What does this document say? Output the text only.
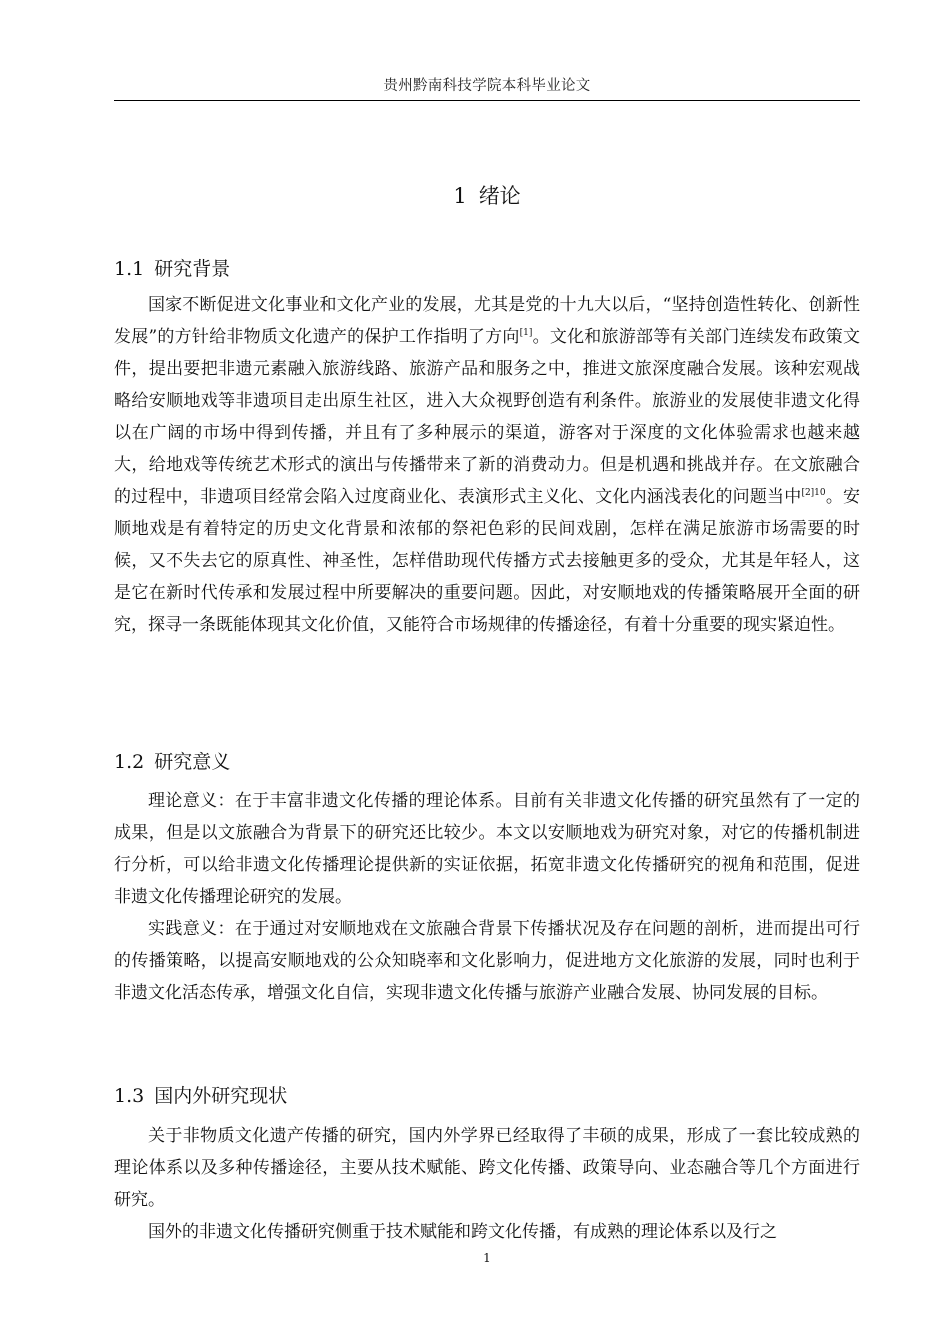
贵州黔南科技学院本科毕业论文
1 绪论
1.1 研究背景

国家不断促进文化事业和文化产业的发展，尤其是党的十九大以后，“坚持创造性转化、创新性发展”的方针给非物质文化遗产的保护工作指明了方向[1]。文化和旅游部等有关部门连续发布政策文件，提出要把非遗元素融入旅游线路、旅游产品和服务之中，推进文旅深度融合发展。该种宏观战略给安顺地戏等非遗项目走出原生社区，进入大众视野创造有利条件。旅游业的发展使非遗文化得以在广阔的市场中得到传播，并且有了多种展示的渠道，游客对于深度的文化体验需求也越来越大，给地戏等传统艺术形式的演出与传播带来了新的消费动力。但是机遇和挑战并存。在文旅融合的过程中，非遗项目经常会陷入过度商业化、表演形式主义化、文化内涵浅表化的问题当中$^{[2]10}$。安顺地戏是有着特定的历史文化背景和浓郁的祭祀色彩的民间戏剧，怎样在满足旅游市场需要的时候，又不失去它的原真性、神圣性，怎样借助现代传播方式去接触更多的受众，尤其是年轻人，这是它在新时代传承和发展过程中所要解决的重要问题。因此，对安顺地戏的传播策略展开全面的研究，探寻一条既能体现其文化价值，又能符合市场规律的传播途径，有着十分重要的现实紧迫性。

1.2 研究意义

理论意义：在于丰富非遗文化传播的理论体系。目前有关非遗文化传播的研究虽然有了一定的成果，但是以文旅融合为背景下的研究还比较少。本文以安顺地戏为研究对象，对它的传播机制进行分析，可以给非遗文化传播理论提供新的实证依据，拓宽非遗文化传播研究的视角和范围，促进非遗文化传播理论研究的发展。

实践意义：在于通过对安顺地戏在文旅融合背景下传播状况及存在问题的剖析，进而提出可行的传播策略，以提高安顺地戏的公众知晓率和文化影响力，促进地方文化旅游的发展，同时也利于非遗文化活态传承，增强文化自信，实现非遗文化传播与旅游产业融合发展、协同发展的目标。

1.3 国内外研究现状

关于非物质文化遗产传播的研究，国内外学界已经取得了丰硕的成果，形成了一套比较成熟的理论体系以及多种传播途径，主要从技术赋能、跨文化传播、政策导向、业态融合等几个方面进行研究。

国外的非遗文化传播研究侧重于技术赋能和跨文化传播，有成熟的理论体系以及行之

1
